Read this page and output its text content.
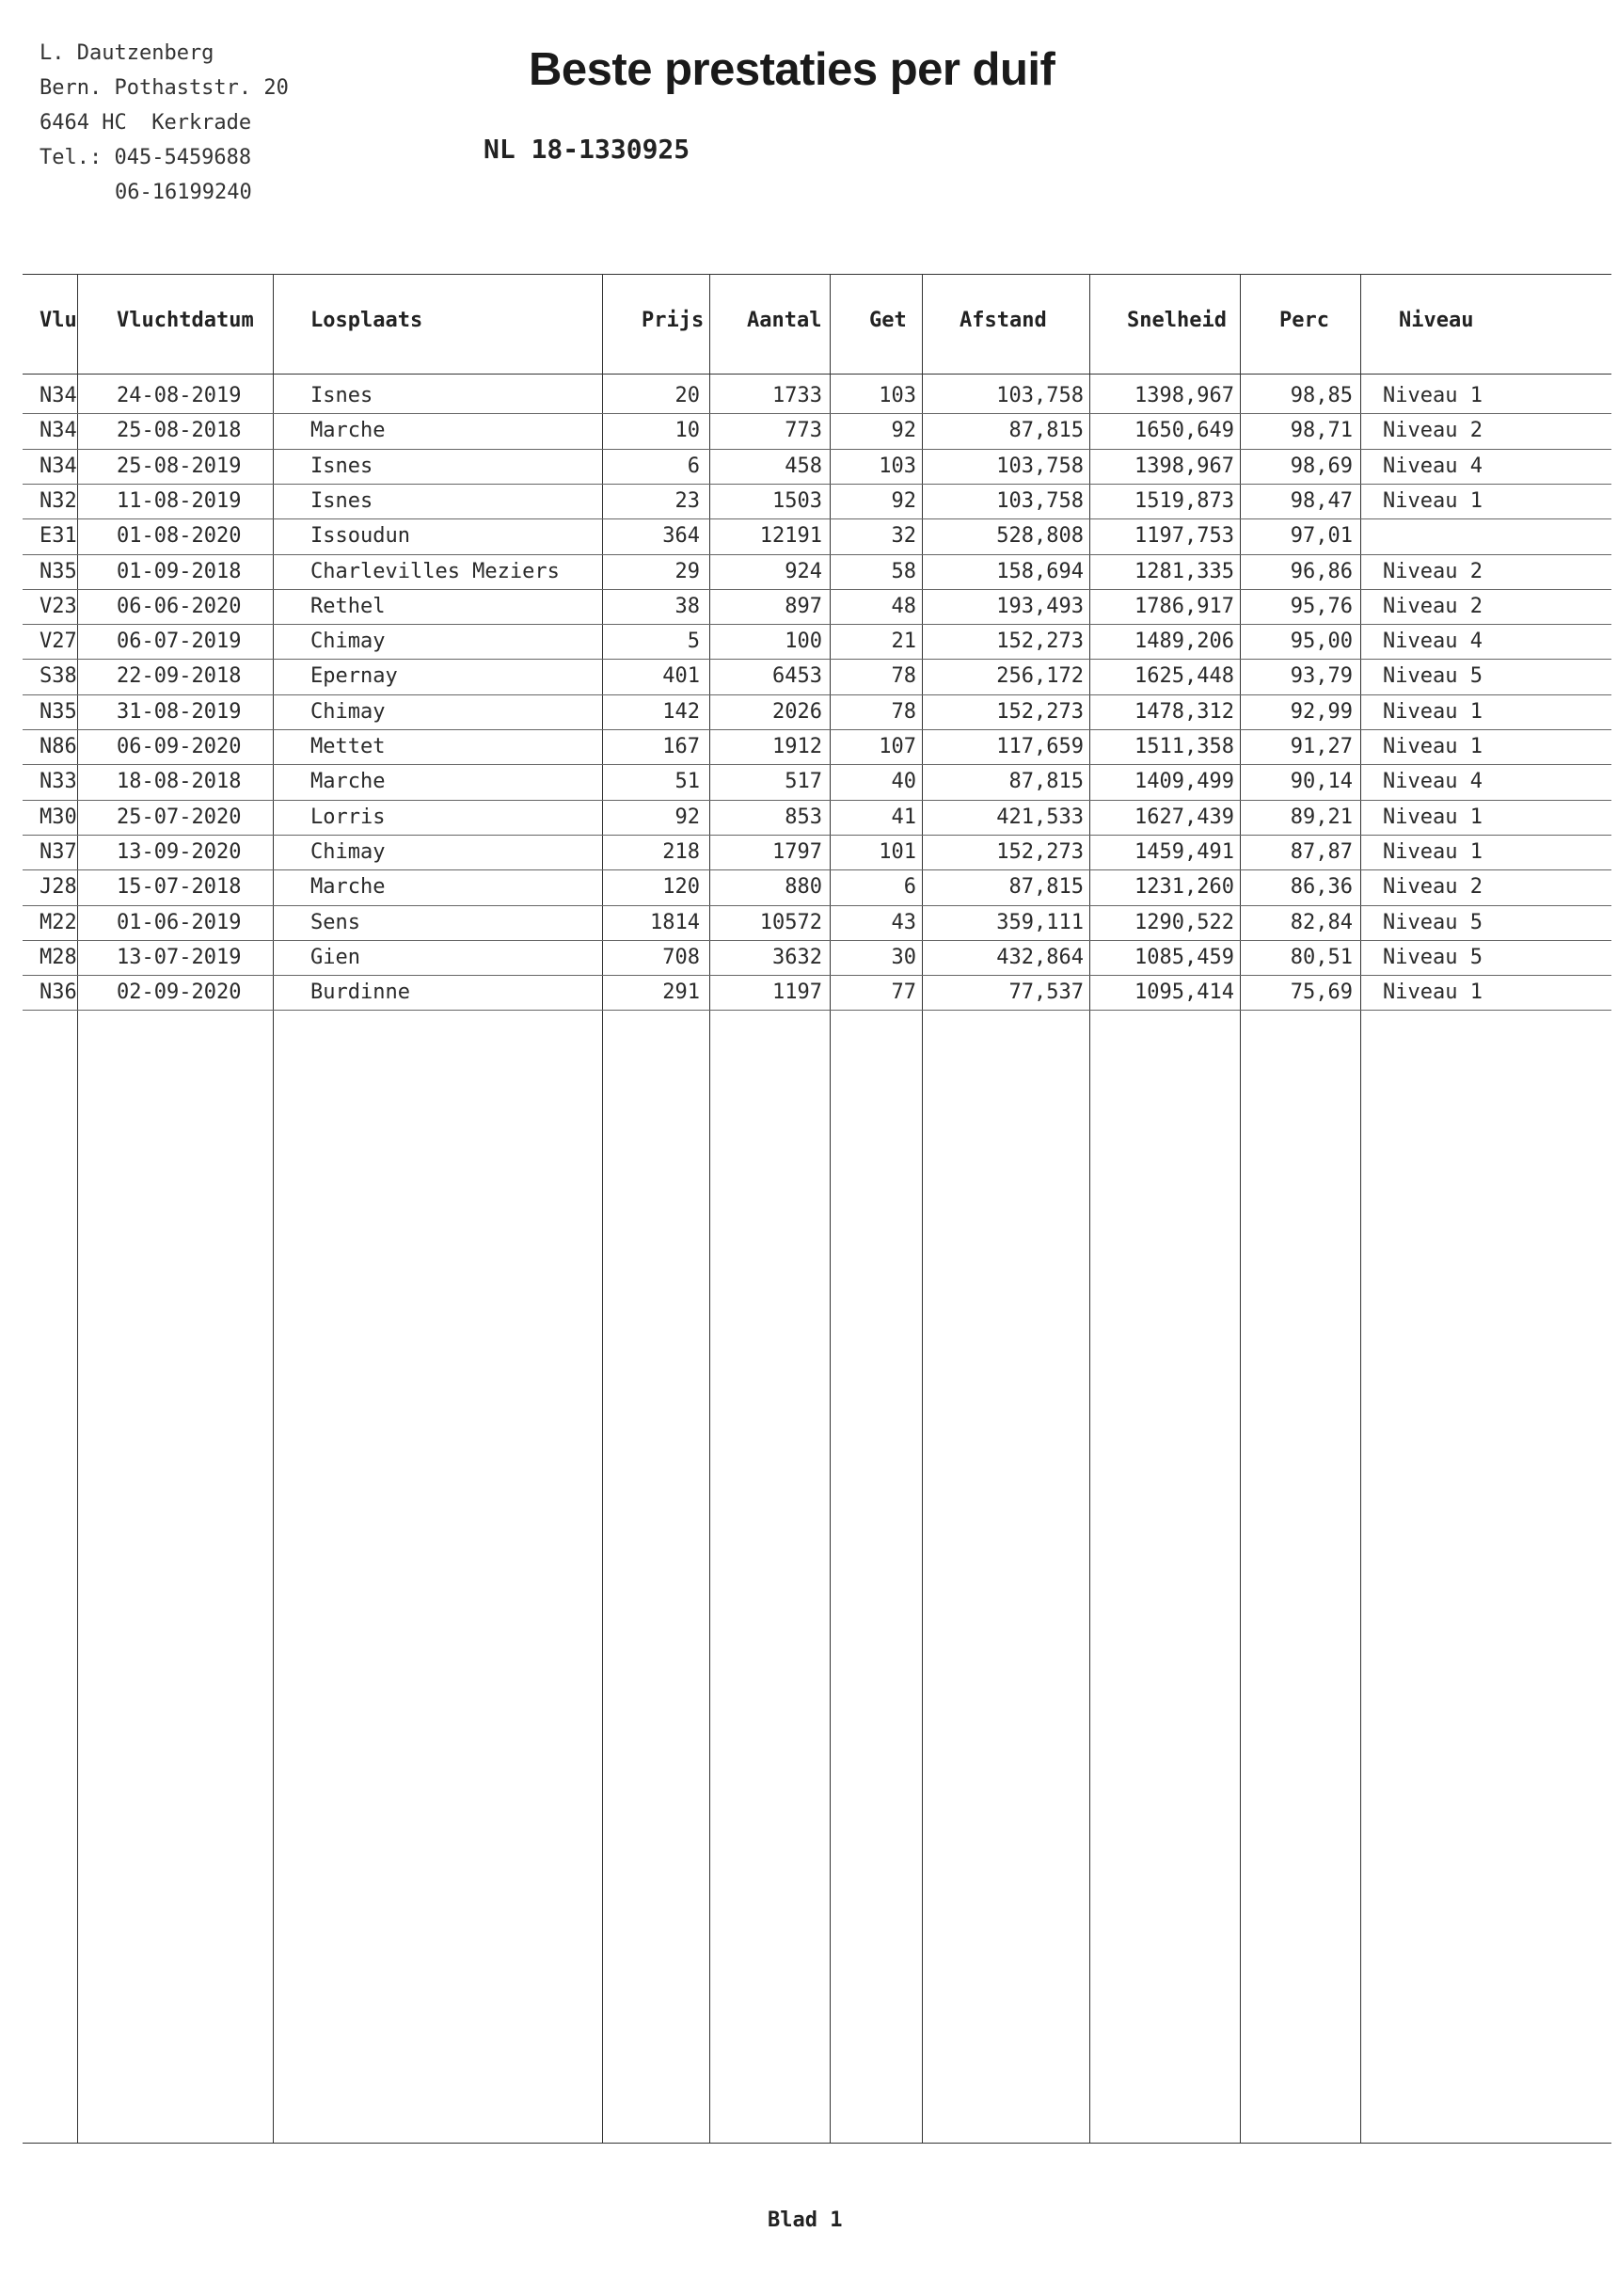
L. Dautzenberg
Bern. Pothaststr. 20
6464 HC  Kerkrade
Tel.: 045-5459688
06-16199240
Beste prestaties per duif
NL 18-1330925
Vlu Vluchtdatum	Losplaats	Prijs Aantal Get	Afstand	Snelheid	Perc	Niveau
N34	24-08-2019	Isnes	20	1733	103	103,758	1398,967	98,85 Niveau 1
N34	25-08-2018	Marche	10	773	92	87,815	1650,649	98,71 Niveau 2
N34	25-08-2019	Isnes	6	458	103	103,758	1398,967	98,69 Niveau 4
N32	11-08-2019	Isnes	23	1503	92	103,758	1519,873	98,47 Niveau 1
E31	01-08-2020	Issoudun	364	12191	32	528,808	1197,753	97,01
N35	01-09-2018	Charlevilles Meziers	29	924	58	158,694	1281,335	96,86 Niveau 2
V23	06-06-2020	Rethel	38	897	48	193,493	1786,917	95,76 Niveau 2
V27	06-07-2019	Chimay	5	100	21	152,273	1489,206	95,00 Niveau 4
S38	22-09-2018	Epernay	401	6453	78	256,172	1625,448	93,79 Niveau 5
N35	31-08-2019	Chimay	142	2026	78	152,273	1478,312	92,99 Niveau 1
N86	06-09-2020	Mettet	167	1912	107	117,659	1511,358	91,27 Niveau 1
N33	18-08-2018	Marche	51	517	40	87,815	1409,499	90,14 Niveau 4
M30	25-07-2020	Lorris	92	853	41	421,533	1627,439	89,21 Niveau 1
N37	13-09-2020	Chimay	218	1797	101	152,273	1459,491	87,87 Niveau 1
J28	15-07-2018	Marche	120	880	6	87,815	1231,260	86,36 Niveau 2
M22	01-06-2019	Sens	1814	10572	43	359,111	1290,522	82,84 Niveau 5
M28	13-07-2019	Gien	708	3632	30	432,864	1085,459	80,51 Niveau 5
N36	02-09-2020	Burdinne	291	1197	77	77,537	1095,414	75,69 Niveau 1
Blad 1
